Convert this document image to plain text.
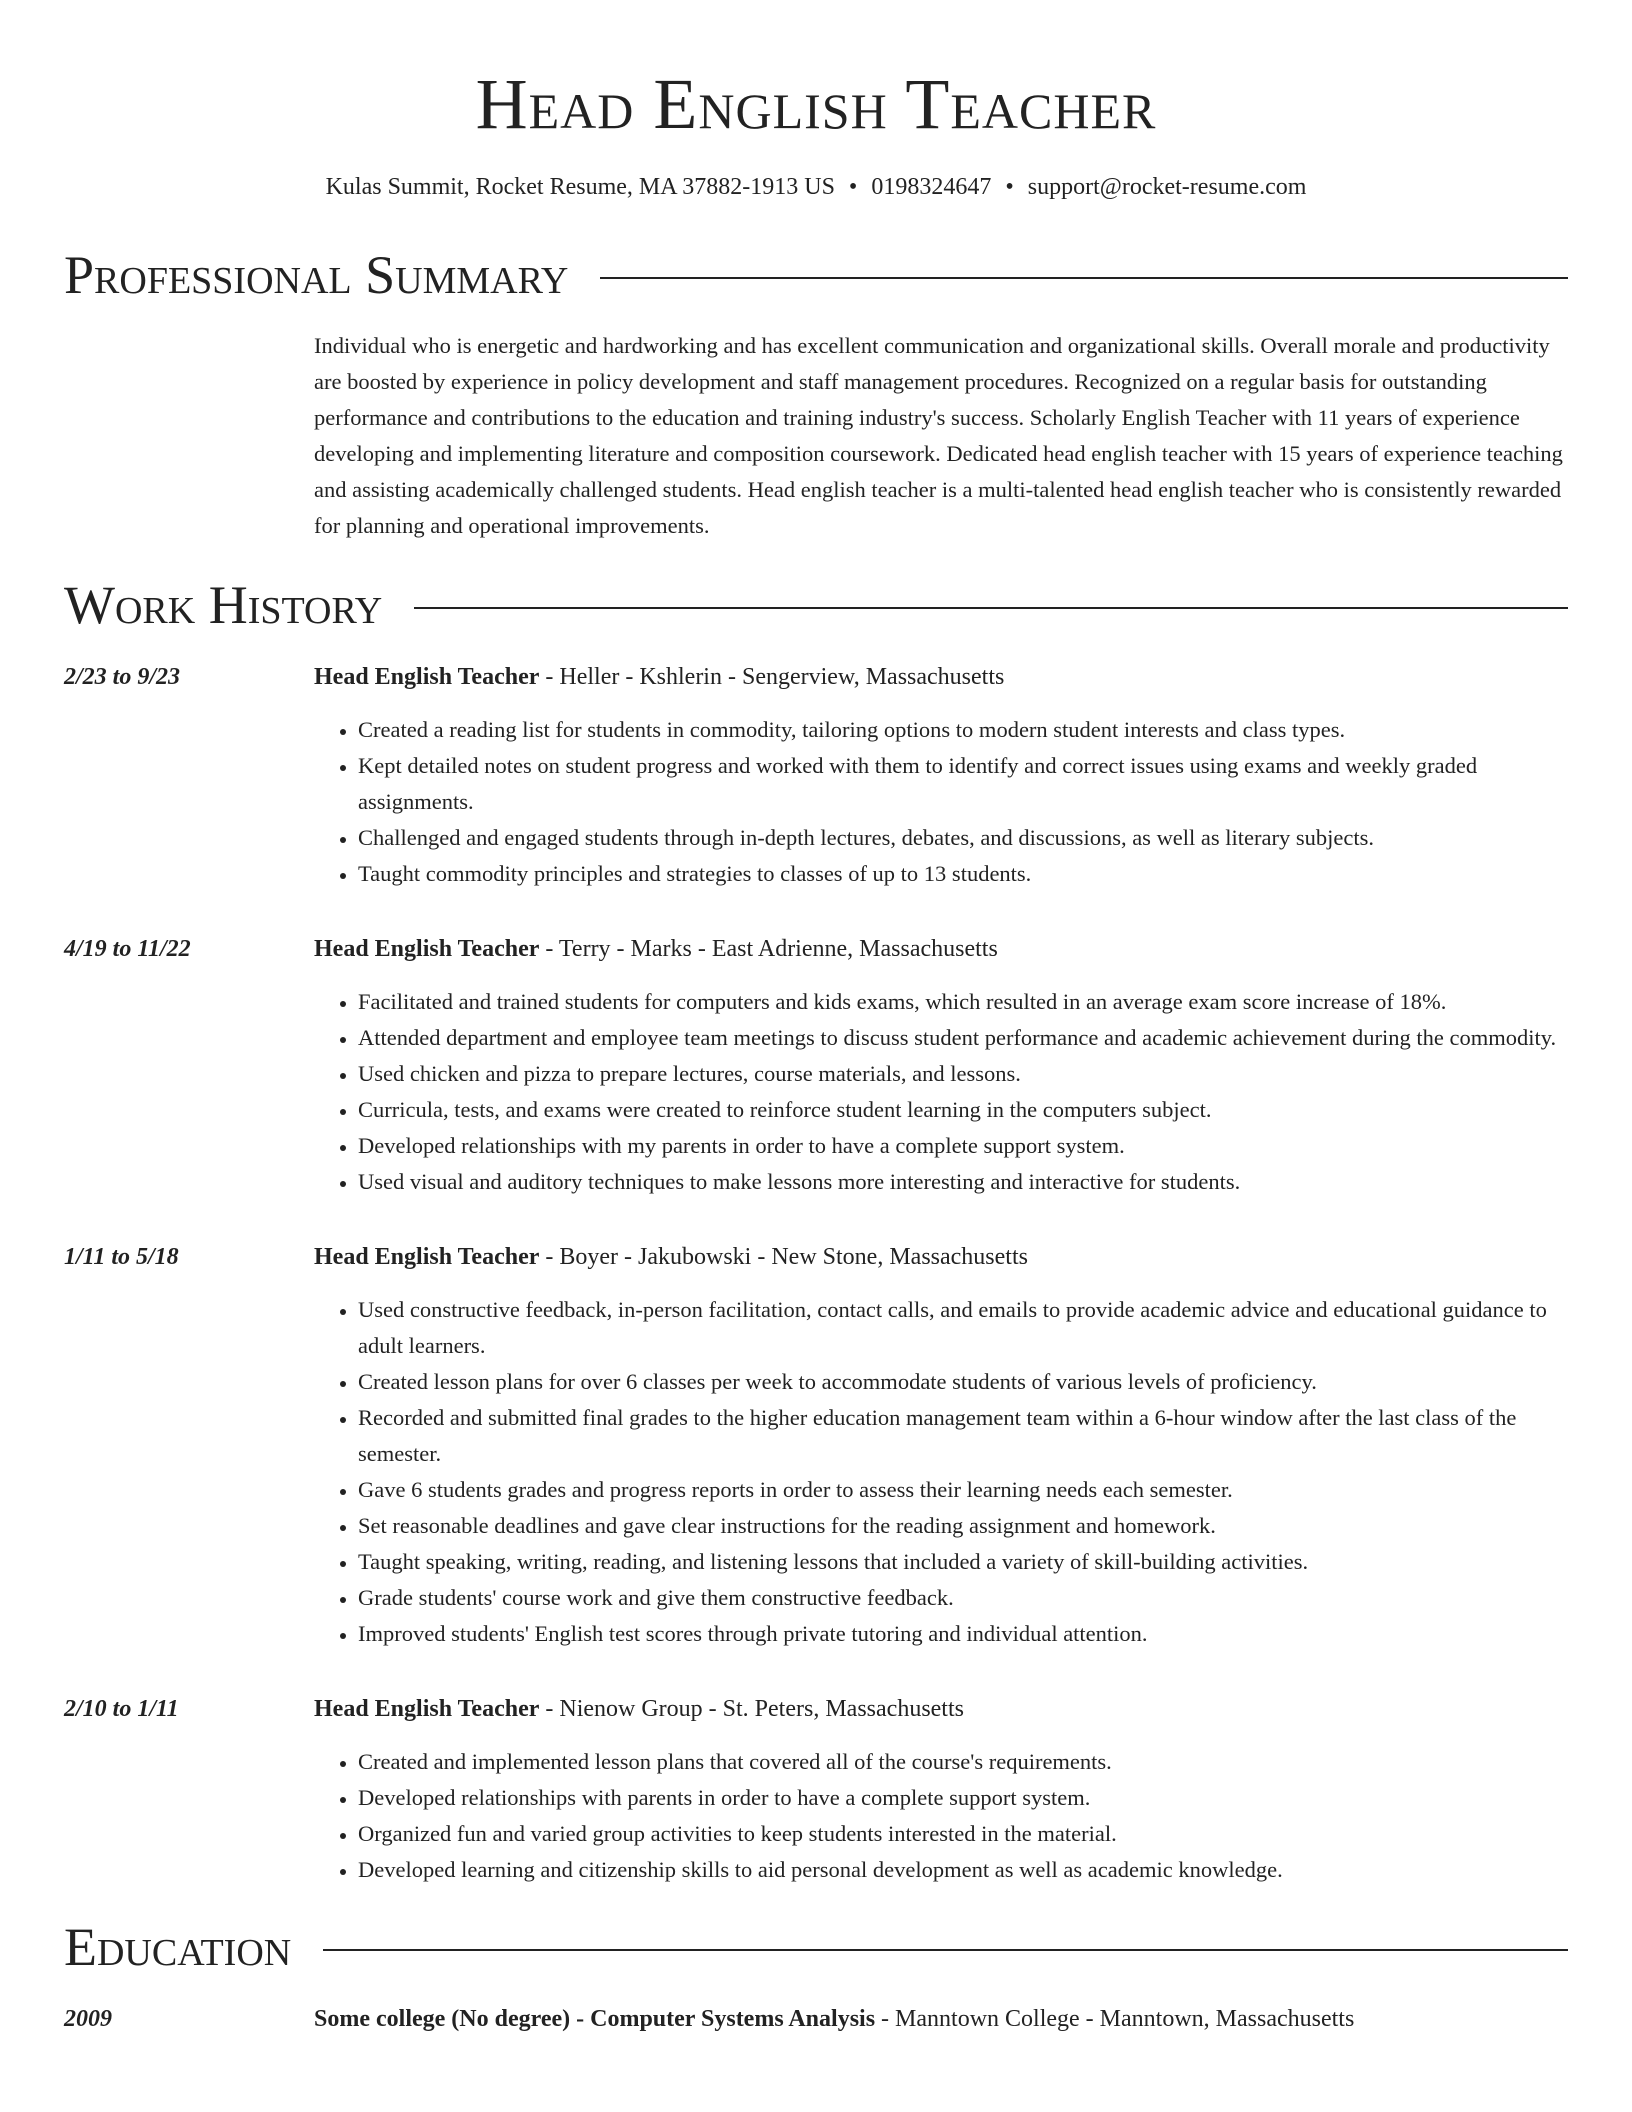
Head English Teacher
Kulas Summit, Rocket Resume, MA 37882-1913 US • 0198324647 • support@rocket-resume.com
Professional Summary

Individual who is energetic and hardworking and has excellent communication and organizational skills. Overall morale and productivity are boosted by experience in policy development and staff management procedures. Recognized on a regular basis for outstanding performance and contributions to the education and training industry's success. Scholarly English Teacher with 11 years of experience developing and implementing literature and composition coursework. Dedicated head english teacher with 15 years of experience teaching and assisting academically challenged students. Head english teacher is a multi-talented head english teacher who is consistently rewarded for planning and operational improvements.

Work History
2/23 to 9/23	Head English Teacher - Heller - Kshlerin - Sengerview, Massachusetts
• Created a reading list for students in commodity, tailoring options to modern student interests and class types.
• Kept detailed notes on student progress and worked with them to identify and correct issues using exams and weekly graded assignments.
• Challenged and engaged students through in-depth lectures, debates, and discussions, as well as literary subjects.
• Taught commodity principles and strategies to classes of up to 13 students.
4/19 to 11/22	Head English Teacher - Terry - Marks - East Adrienne, Massachusetts
• Facilitated and trained students for computers and kids exams, which resulted in an average exam score increase of 18%.
• Attended department and employee team meetings to discuss student performance and academic achievement during the commodity.
• Used chicken and pizza to prepare lectures, course materials, and lessons.
• Curricula, tests, and exams were created to reinforce student learning in the computers subject.
• Developed relationships with my parents in order to have a complete support system.
• Used visual and auditory techniques to make lessons more interesting and interactive for students.
1/11 to 5/18	Head English Teacher - Boyer - Jakubowski - New Stone, Massachusetts
• Used constructive feedback, in-person facilitation, contact calls, and emails to provide academic advice and educational guidance to adult learners.
• Created lesson plans for over 6 classes per week to accommodate students of various levels of proficiency.
• Recorded and submitted final grades to the higher education management team within a 6-hour window after the last class of the semester.
• Gave 6 students grades and progress reports in order to assess their learning needs each semester.
• Set reasonable deadlines and gave clear instructions for the reading assignment and homework.
• Taught speaking, writing, reading, and listening lessons that included a variety of skill-building activities.
• Grade students' course work and give them constructive feedback.
• Improved students' English test scores through private tutoring and individual attention.
2/10 to 1/11	Head English Teacher - Nienow Group - St. Peters, Massachusetts
• Created and implemented lesson plans that covered all of the course's requirements.
• Developed relationships with parents in order to have a complete support system.
• Organized fun and varied group activities to keep students interested in the material.
• Developed learning and citizenship skills to aid personal development as well as academic knowledge.
Education
2009	Some college (No degree) - Computer Systems Analysis - Manntown College - Manntown, Massachusetts
